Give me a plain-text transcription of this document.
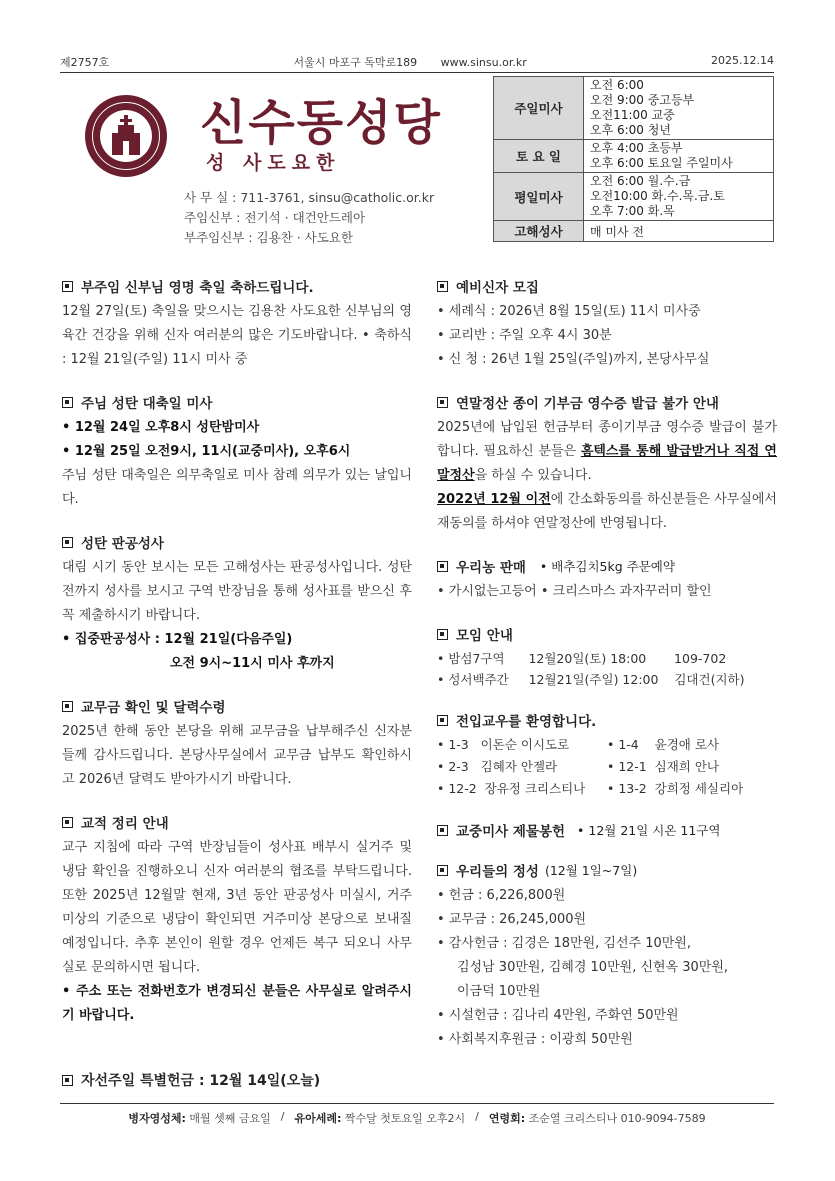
제2757호	서울시 마포구 독막로189 www.sinsu.or.kr	2025.12.14
신수동성당
성 사도요한
사 무 실 : 711-3761, sinsu@catholic.or.kr
주임신부 : 전기석 · 대건안드레아
부주임신부 : 김용찬 · 사도요한
주일미사	오전 6:00
오전 9:00 중고등부
오전11:00 교중
오후 6:00 청년

토 요 일	오후 4:00 초등부
오후 6:00 토요일 주일미사

평일미사	오전 6:00 월.수.금
오전10:00 화.수.목.금.토
오후 7:00 화.목

고해성사	매 미사 전
부주임 신부님 영명 축일 축하드립니다.
12월 27일(토) 축일을 맞으시는 김용찬 사도요한 신부님의 영육간 건강을 위해 신자 여러분의 많은 기도바랍니다. • 축하식 : 12월 21일(주일) 11시 미사 중
주님 성탄 대축일 미사
• 12월 24일 오후8시 성탄밤미사
• 12월 25일 오전9시, 11시(교중미사), 오후6시
주님 성탄 대축일은 의무축일로 미사 참례 의무가 있는 날입니다.
성탄 판공성사
대림 시기 동안 보시는 모든 고해성사는 판공성사입니다. 성탄 전까지 성사를 보시고 구역 반장님을 통해 성사표를 받으신 후 꼭 제출하시기 바랍니다.
• 집중판공성사 : 12월 21일(다음주일)
오전 9시~11시 미사 후까지
교무금 확인 및 달력수령
2025년 한해 동안 본당을 위해 교무금을 납부해주신 신자분들께 감사드립니다. 본당사무실에서 교무금 납부도 확인하시고 2026년 달력도 받아가시기 바랍니다.
교적 정리 안내
교구 지침에 따라 구역 반장님들이 성사표 배부시 실거주 및 냉담 확인을 진행하오니 신자 여러분의 협조를 부탁드립니다. 또한 2025년 12월말 현재, 3년 동안 판공성사 미실시, 거주미상의 기준으로 냉담이 확인되면 거주미상 본당으로 보내질 예정입니다. 추후 본인이 원할 경우 언제든 복구 되오니 사무실로 문의하시면 됩니다.
• 주소 또는 전화번호가 변경되신 분들은 사무실로 알려주시기 바랍니다.
예비신자 모집
• 세례식 : 2026년 8월 15일(토) 11시 미사중
• 교리반 : 주일 오후 4시 30분
• 신 청 : 26년 1월 25일(주일)까지, 본당사무실
연말정산 종이 기부금 영수증 발급 불가 안내
2025년에 납입된 헌금부터 종이기부금 영수증 발급이 불가합니다. 필요하신 분들은 홈텍스를 통해 발급받거나 직접 연말정산을 하실 수 있습니다.
2022년 12월 이전에 간소화동의를 하신분들은 사무실에서 재동의를 하셔야 연말정산에 반영됩니다.
우리농 판매 • 배추김치5kg 주문예약
• 가시없는고등어 • 크리스마스 과자꾸러미 할인
모임 안내
• 밤섬7구역      12월20일(토) 18:00       109-702
• 성서백주간     12월21일(주일) 12:00    김대건(지하)
전입교우를 환영합니다.
• 1-3   이돈순 이시도로	• 1-4    윤경애 로사
• 2-3   김혜자 안젤라	• 12-1  심재희 안나
• 12-2  장유정 크리스티나	• 13-2  강희정 세실리아
교중미사 제물봉헌 • 12월 21일 시온 11구역
우리들의 정성 (12월 1일~7일)
• 헌금 : 6,226,800원
• 교무금 : 26,245,000원
• 감사헌금 : 김경은 18만원, 김선주 10만원,
김성남 30만원, 김혜경 10만원, 신현옥 30만원,
이금덕 10만원
• 시설헌금 : 김나리 4만원, 주화연 50만원
• 사회복지후원금 : 이광희 50만원
자선주일 특별헌금 : 12월 14일(오늘)
병자영성체: 매월 셋째 금요일 / 유아세례: 짝수달 첫토요일 오후2시 / 연령회: 조순열 크리스티나 010-9094-7589
